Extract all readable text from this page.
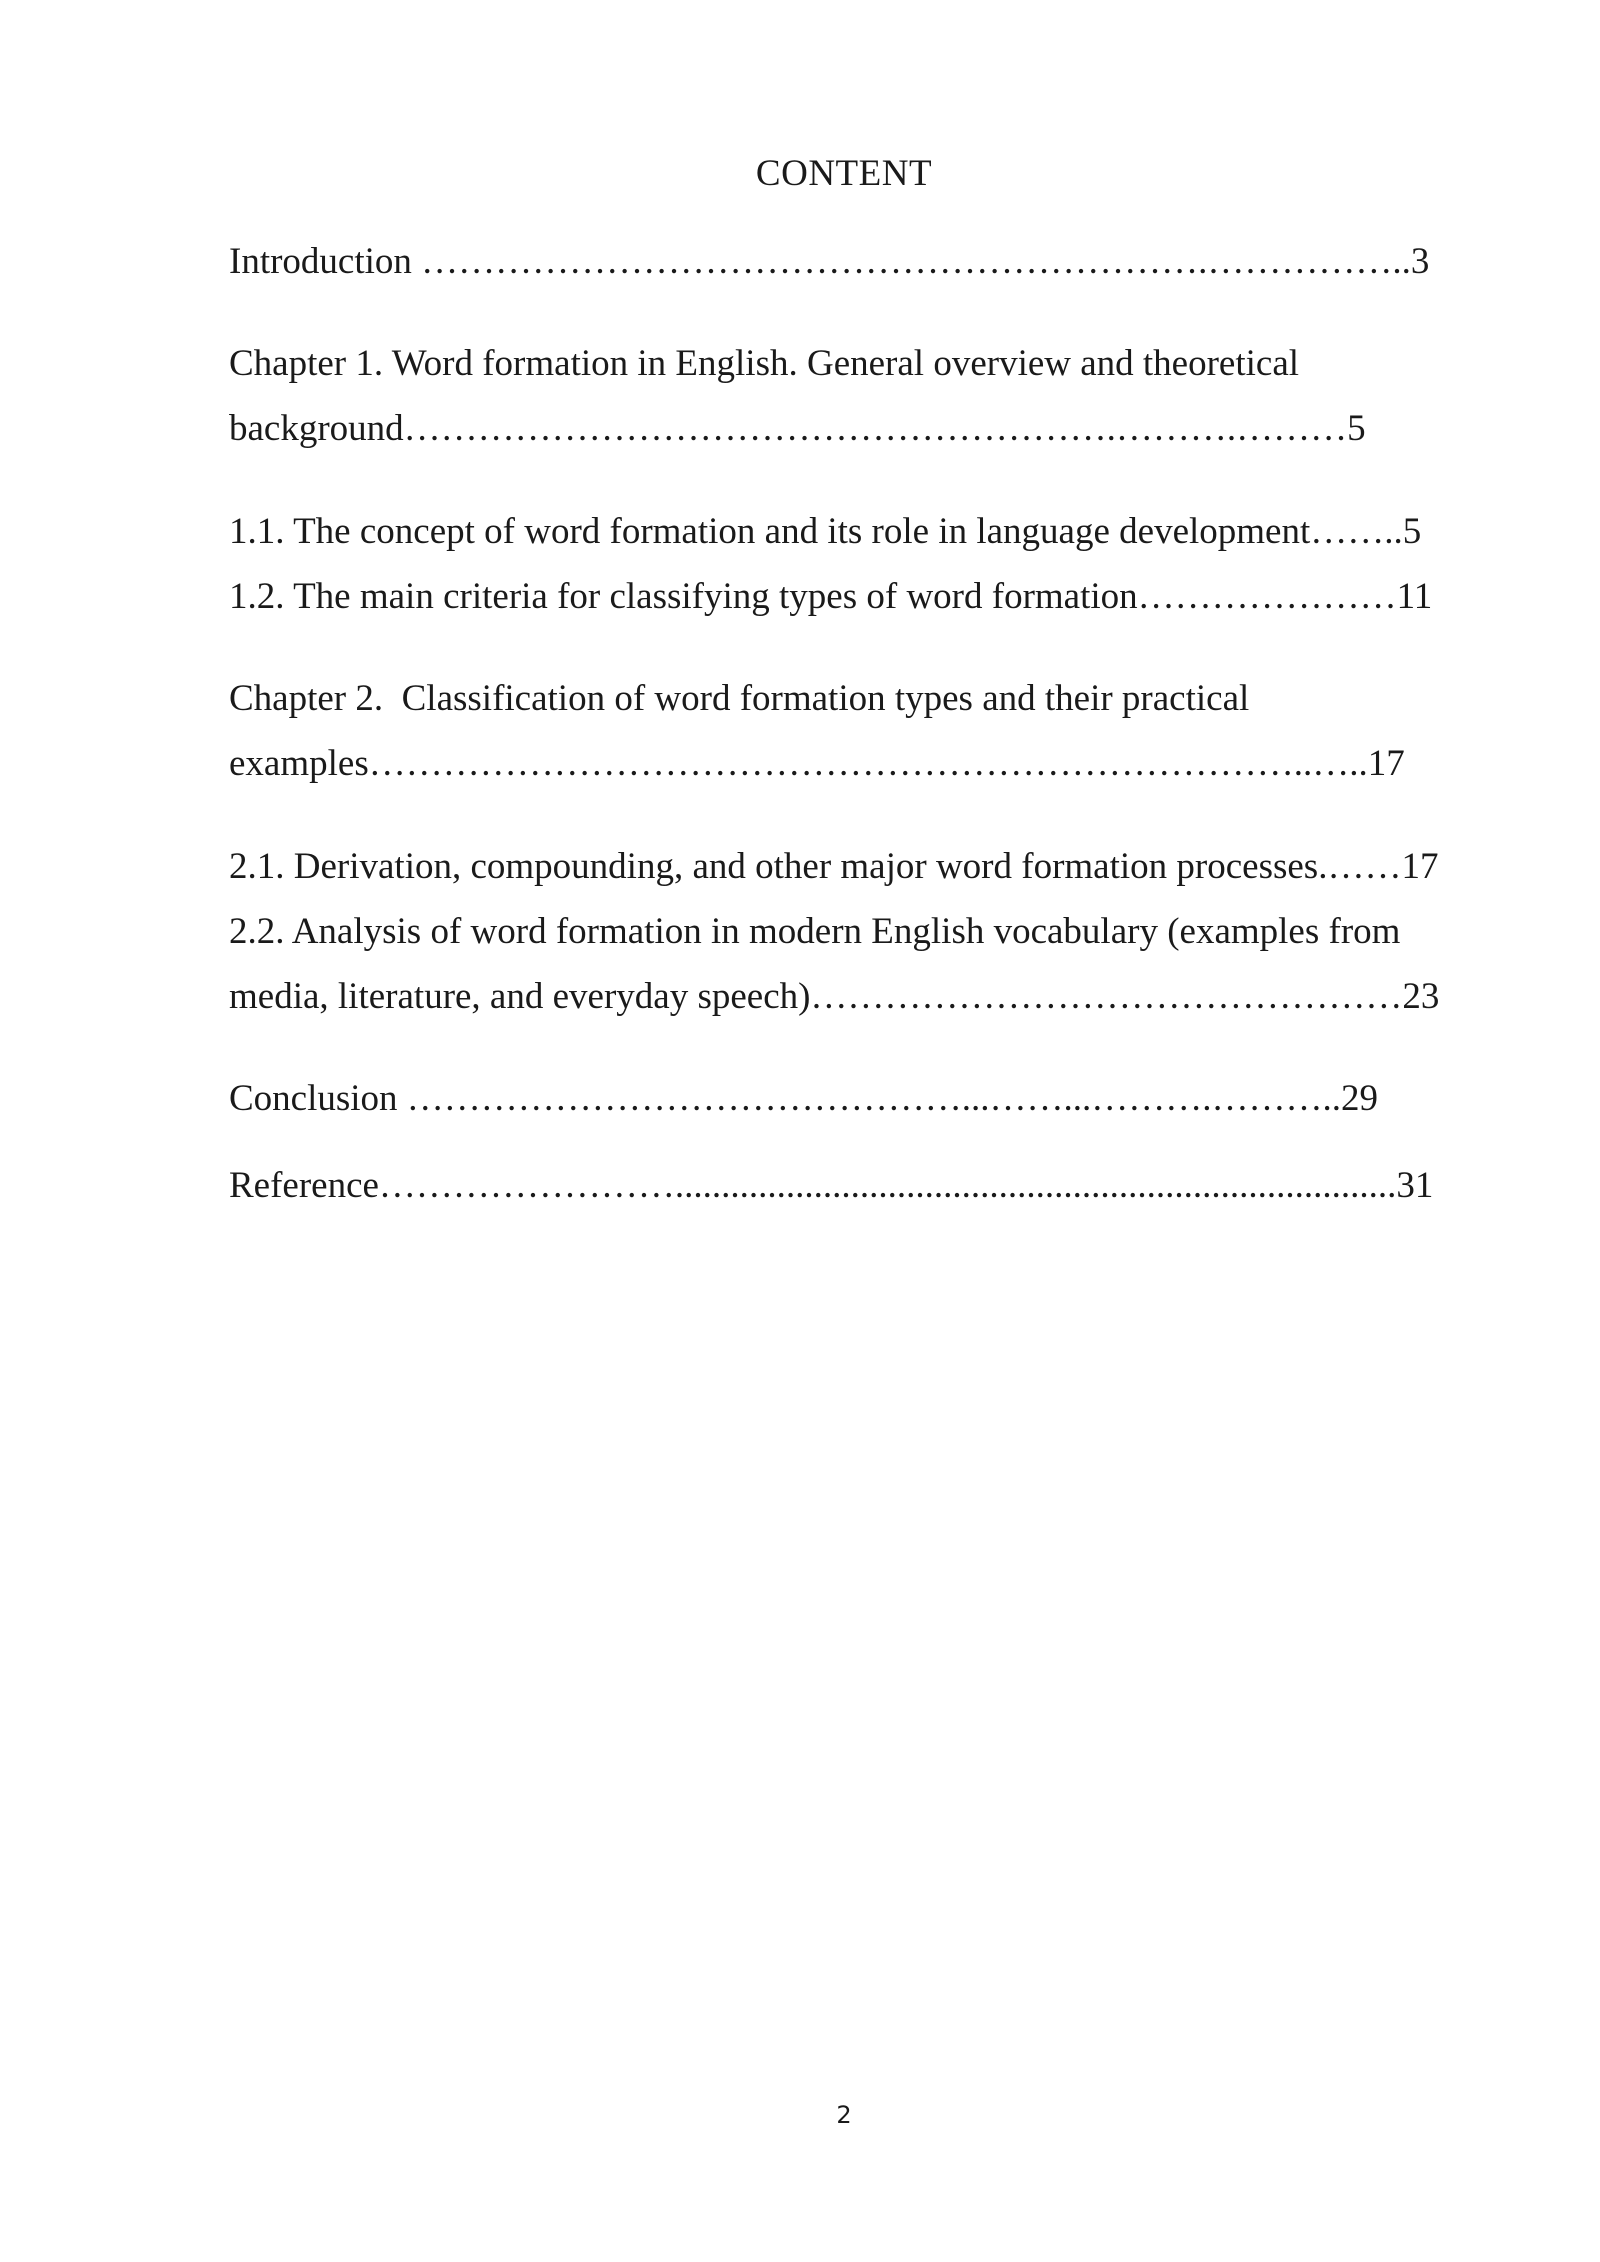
CONTENT
Introduction ……………………………………………………….……………..3
Chapter 1. Word formation in English. General overview and theoretical
background………………………………………………….……….………5
1.1. The concept of word formation and its role in language development……..5
1.2. The main criteria for classifying types of word formation…………………11
Chapter 2.  Classification of word formation types and their practical
examples…………………………………………………………………..…..17
2.1. Derivation, compounding, and other major word formation processes.……17
2.2. Analysis of word formation in modern English vocabulary (examples from
media, literature, and everyday speech)…………………………………………23
Conclusion ………………………………………...……...……….………..29
Reference……………………..............................................................................31
2
